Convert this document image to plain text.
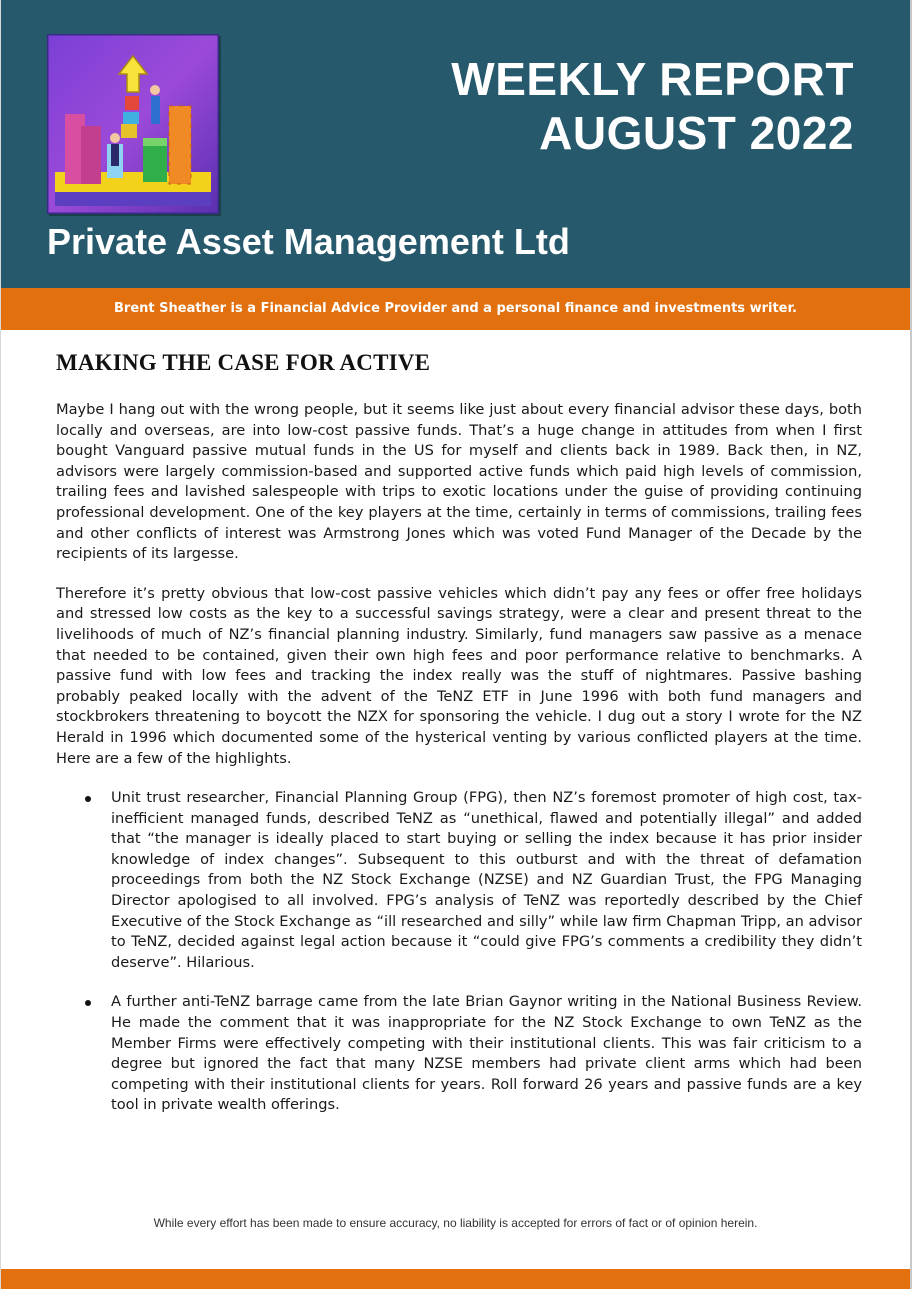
WEEKLY REPORT
AUGUST 2022
Private Asset Management Ltd
Brent Sheather is a Financial Advice Provider and a personal finance and investments writer.
MAKING THE CASE FOR ACTIVE

Maybe I hang out with the wrong people, but it seems like just about every financial advisor these days, both locally and overseas, are into low-cost passive funds. That’s a huge change in attitudes from when I first bought Vanguard passive mutual funds in the US for myself and clients back in 1989. Back then, in NZ, advisors were largely commission-based and supported active funds which paid high levels of commission, trailing fees and lavished salespeople with trips to exotic locations under the guise of providing continuing professional development. One of the key players at the time, certainly in terms of commissions, trailing fees and other conflicts of interest was Armstrong Jones which was voted Fund Manager of the Decade by the recipients of its largesse.

Therefore it’s pretty obvious that low-cost passive vehicles which didn’t pay any fees or offer free holidays and stressed low costs as the key to a successful savings strategy, were a clear and present threat to the livelihoods of much of NZ’s financial planning industry. Similarly, fund managers saw passive as a menace that needed to be contained, given their own high fees and poor performance relative to benchmarks. A passive fund with low fees and tracking the index really was the stuff of nightmares. Passive bashing probably peaked locally with the advent of the TeNZ ETF in June 1996 with both fund managers and stockbrokers threatening to boycott the NZX for sponsoring the vehicle. I dug out a story I wrote for the NZ Herald in 1996 which documented some of the hysterical venting by various conflicted players at the time. Here are a few of the highlights.

Unit trust researcher, Financial Planning Group (FPG), then NZ’s foremost promoter of high cost, tax-inefficient managed funds, described TeNZ as “unethical, flawed and potentially illegal” and added that “the manager is ideally placed to start buying or selling the index because it has prior insider knowledge of index changes”. Subsequent to this outburst and with the threat of defamation proceedings from both the NZ Stock Exchange (NZSE) and NZ Guardian Trust, the FPG Managing Director apologised to all involved. FPG’s analysis of TeNZ was reportedly described by the Chief Executive of the Stock Exchange as “ill researched and silly” while law firm Chapman Tripp, an advisor to TeNZ, decided against legal action because it “could give FPG’s comments a credibility they didn’t deserve”. Hilarious.
A further anti-TeNZ barrage came from the late Brian Gaynor writing in the National Business Review. He made the comment that it was inappropriate for the NZ Stock Exchange to own TeNZ as the Member Firms were effectively competing with their institutional clients. This was fair criticism to a degree but ignored the fact that many NZSE members had private client arms which had been competing with their institutional clients for years. Roll forward 26 years and passive funds are a key tool in private wealth offerings.
While every effort has been made to ensure accuracy, no liability is accepted for errors of fact or of opinion herein.
